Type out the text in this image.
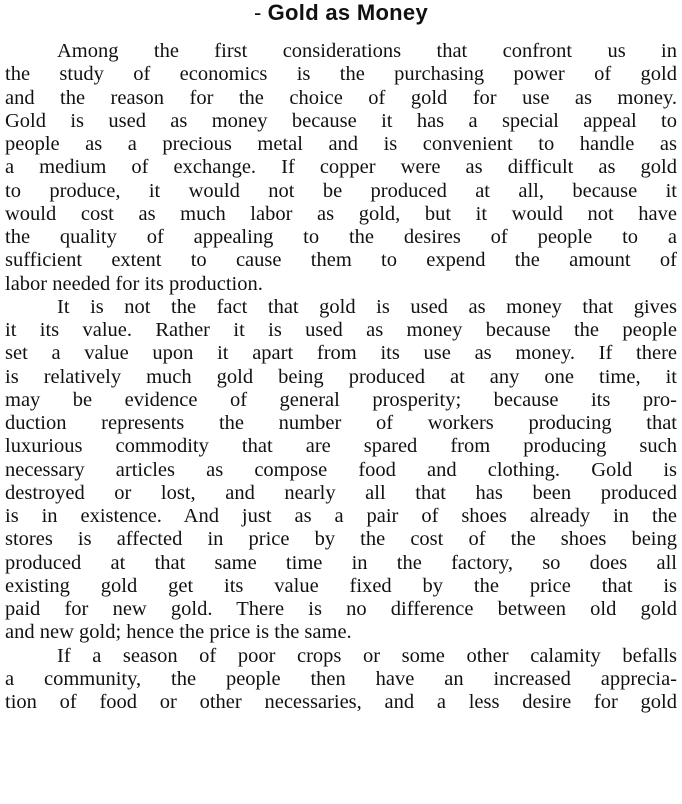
- Gold as Money
Among the first considerations that confront us in
the study of economics is the purchasing power of gold
and the reason for the choice of gold for use as money.
Gold is used as money because it has a special appeal to
people as a precious metal and is convenient to handle as
a medium of exchange. If copper were as difficult as gold
to produce, it would not be produced at all, because it
would cost as much labor as gold, but it would not have
the quality of appealing to the desires of people to a
sufficient extent to cause them to expend the amount of
labor needed for its production.
It is not the fact that gold is used as money that gives
it its value. Rather it is used as money because the people
set a value upon it apart from its use as money. If there
is relatively much gold being produced at any one time, it
may be evidence of general prosperity; because its pro-
duction represents the number of workers producing that
luxurious commodity that are spared from producing such
necessary articles as compose food and clothing. Gold is
destroyed or lost, and nearly all that has been produced
is in existence. And just as a pair of shoes already in the
stores is affected in price by the cost of the shoes being
produced at that same time in the factory, so does all
existing gold get its value fixed by the price that is
paid for new gold. There is no difference between old gold
and new gold; hence the price is the same.
If a season of poor crops or some other calamity befalls
a community, the people then have an increased apprecia-
tion of food or other necessaries, and a less desire for gold
